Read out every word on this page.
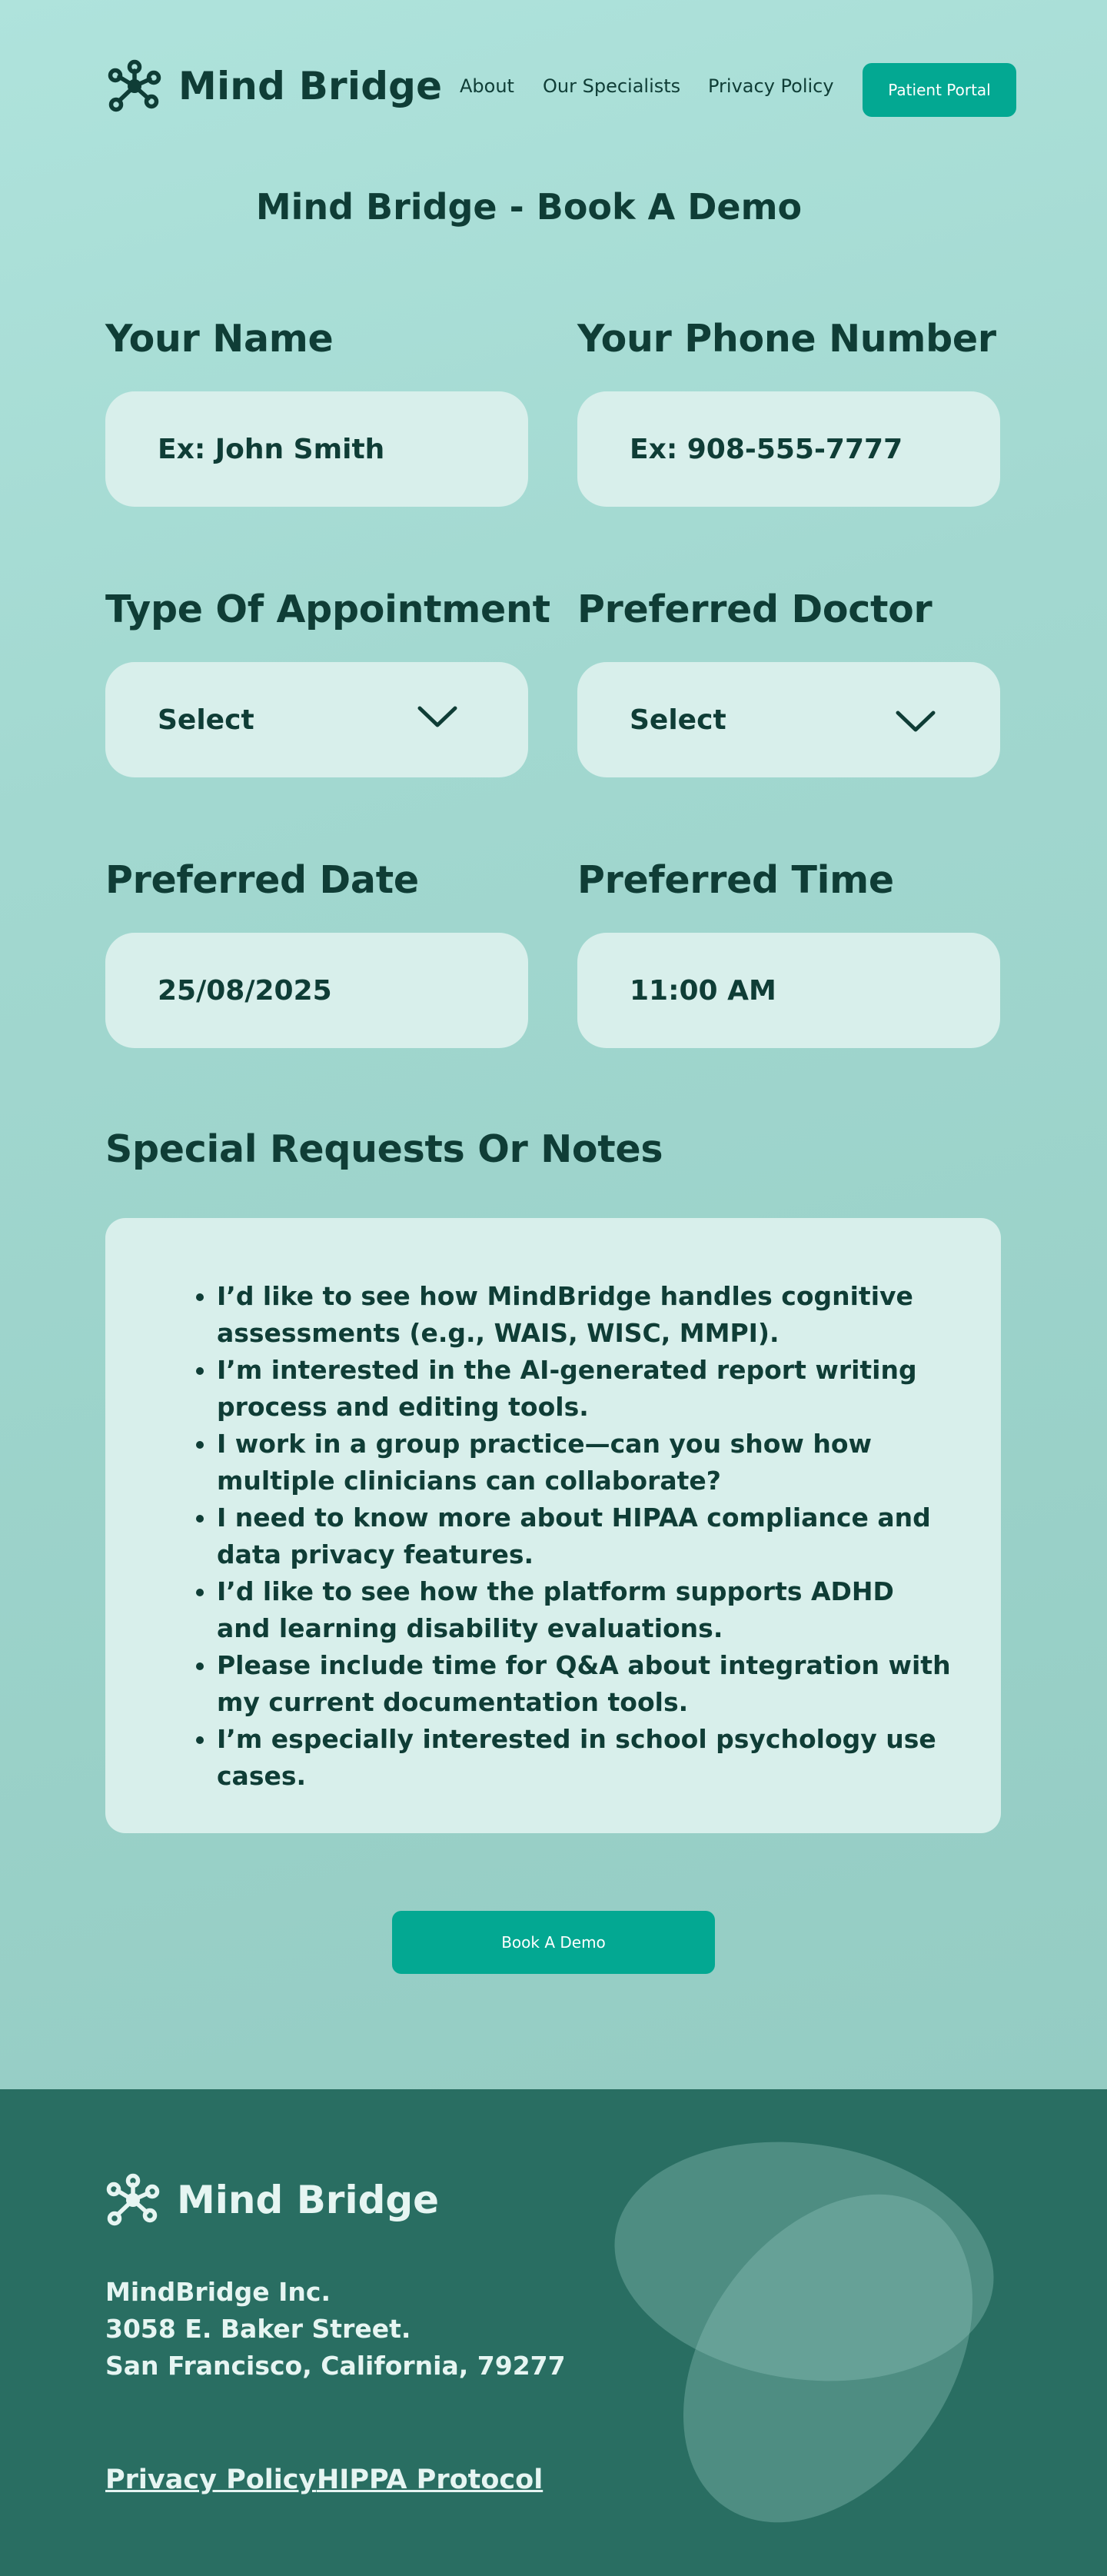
Mind Bridge About Our Specialists Privacy Policy	Patient Portal
Mind Bridge - Book A Demo
Your Name
Ex: John Smith
Your Phone Number
Ex: 908-555-7777
Type Of Appointment
Select
Preferred Doctor
Select
Preferred Date
25/08/2025
Preferred Time
11:00 AM
Special Requests Or Notes
• I’d like to see how MindBridge handles cognitive assessments (e.g., WAIS, WISC, MMPI).
• I’m interested in the AI-generated report writing process and editing tools.
• I work in a group practice—can you show how multiple clinicians can collaborate?
• I need to know more about HIPAA compliance and data privacy features.
• I’d like to see how the platform supports ADHD and learning disability evaluations.
• Please include time for Q&A about integration with my current documentation tools.
• I’m especially interested in school psychology use cases.
Book A Demo
Mind Bridge
MindBridge Inc.
3058 E. Baker Street.
San Francisco, California, 79277
Privacy Policy HIPPA Protocol
